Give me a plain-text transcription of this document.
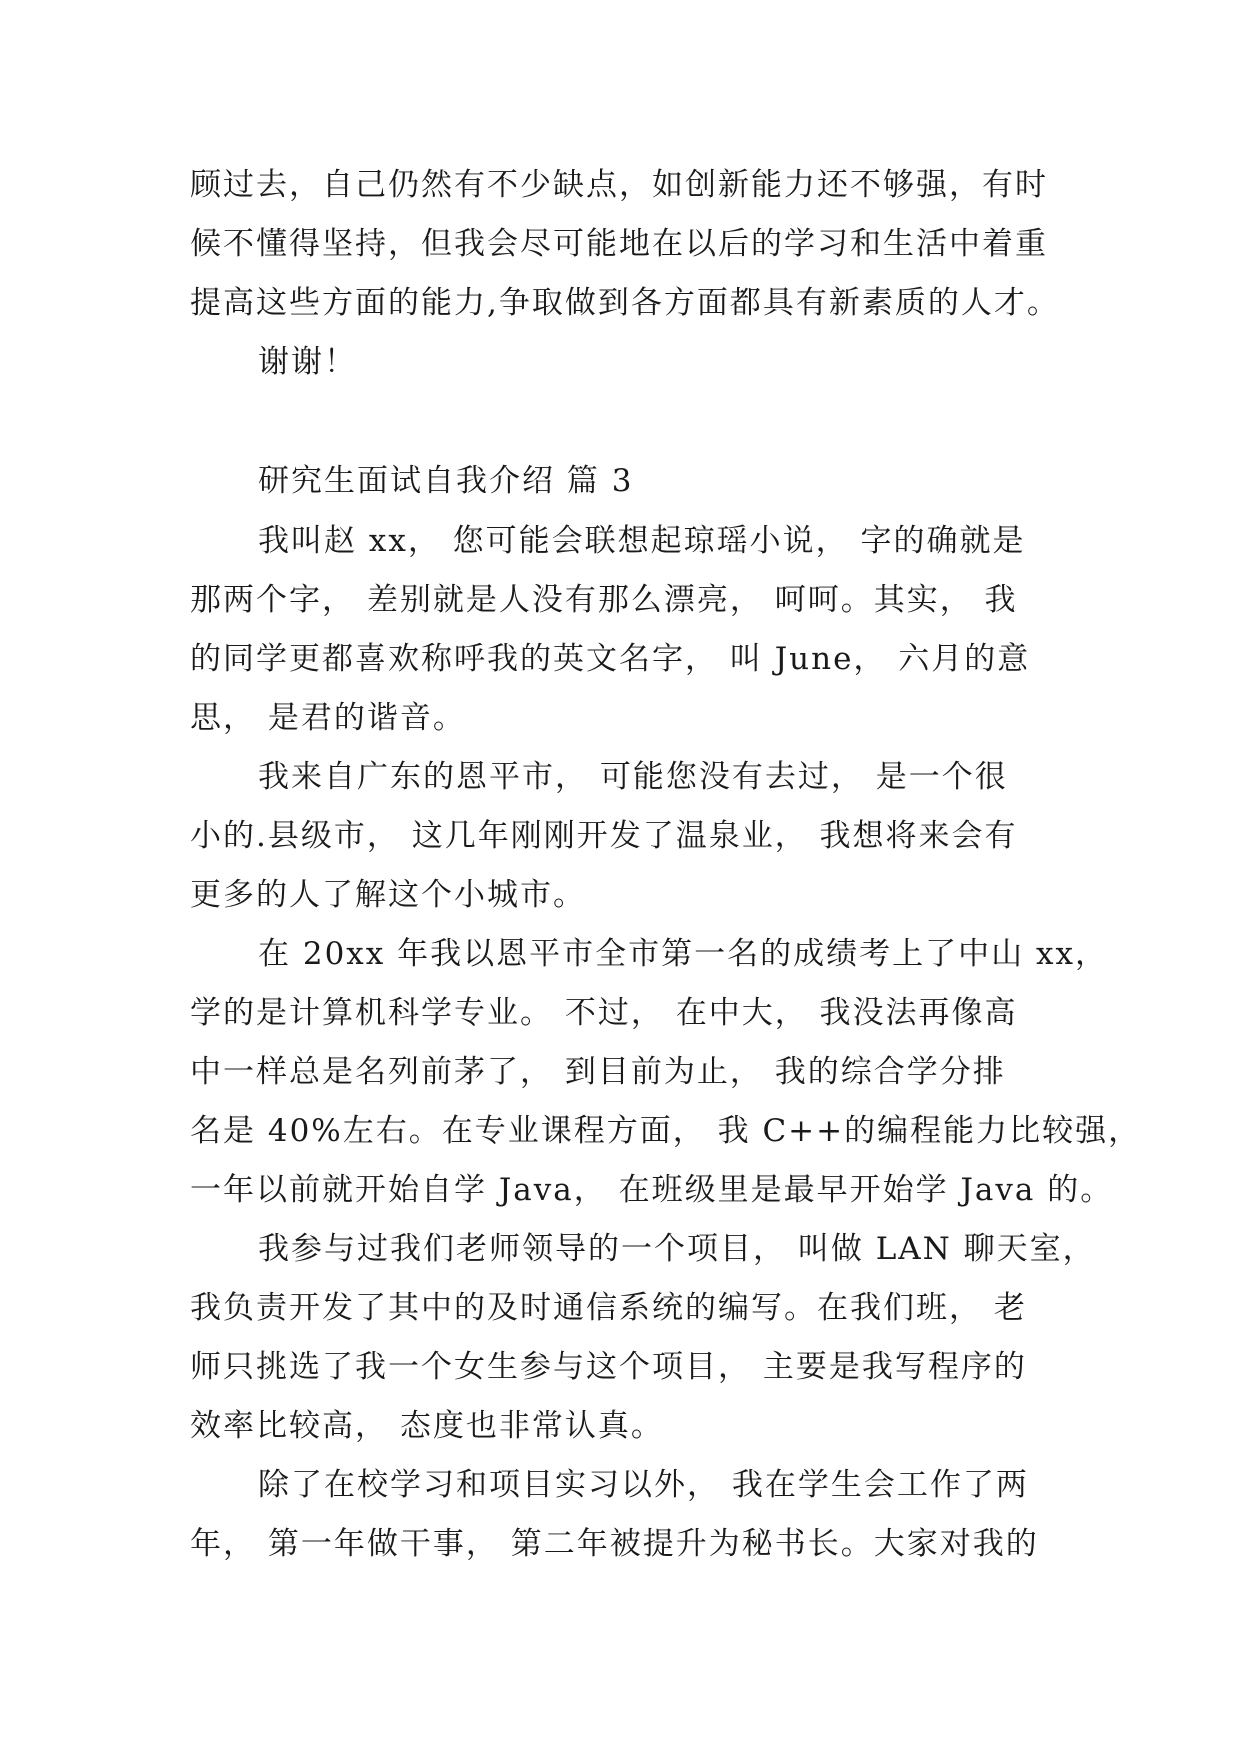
顾过去，自己仍然有不少缺点，如创新能力还不够强，有时
候不懂得坚持，但我会尽可能地在以后的学习和生活中着重
提高这些方面的能力,争取做到各方面都具有新素质的人才。
谢谢！
研究生面试自我介绍 篇 3
我叫赵 xx， 您可能会联想起琼瑶小说， 字的确就是
那两个字， 差别就是人没有那么漂亮， 呵呵。其实， 我
的同学更都喜欢称呼我的英文名字， 叫 June， 六月的意
思， 是君的谐音。
我来自广东的恩平市， 可能您没有去过， 是一个很
小的.县级市， 这几年刚刚开发了温泉业， 我想将来会有
更多的人了解这个小城市。
在 20xx 年我以恩平市全市第一名的成绩考上了中山 xx，
学的是计算机科学专业。 不过， 在中大， 我没法再像高
中一样总是名列前茅了， 到目前为止， 我的综合学分排
名是 40%左右。在专业课程方面， 我 C++的编程能力比较强，
一年以前就开始自学 Java， 在班级里是最早开始学 Java 的。
我参与过我们老师领导的一个项目， 叫做 LAN 聊天室，
我负责开发了其中的及时通信系统的编写。在我们班， 老
师只挑选了我一个女生参与这个项目， 主要是我写程序的
效率比较高， 态度也非常认真。
除了在校学习和项目实习以外， 我在学生会工作了两
年， 第一年做干事， 第二年被提升为秘书长。大家对我的
